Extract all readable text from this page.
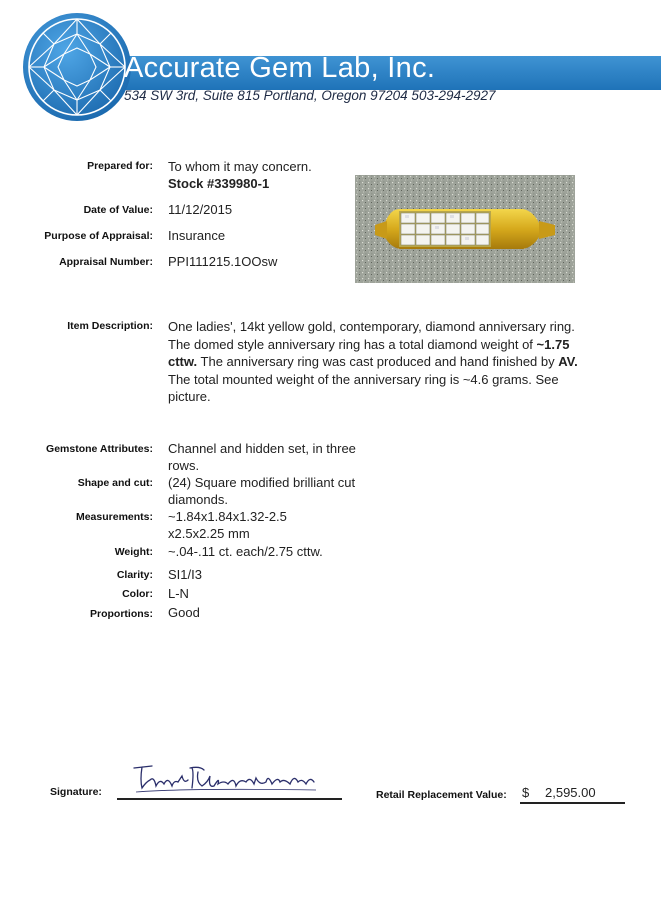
Accurate Gem Lab, Inc.
534 SW 3rd, Suite 815 Portland, Oregon 97204 503-294-2927
Prepared for: To whom it may concern.
Stock #339980-1
Date of Value: 11/12/2015
Purpose of Appraisal: Insurance
Appraisal Number: PPI111215.1OOsw
Item Description: One ladies', 14kt yellow gold, contemporary, diamond anniversary ring. The domed style anniversary ring has a total diamond weight of ~1.75 cttw. The anniversary ring was cast produced and hand finished by AV. The total mounted weight of the anniversary ring is ~4.6 grams. See picture.
Gemstone Attributes: Channel and hidden set, in three rows.
Shape and cut: (24) Square modified brilliant cut diamonds.
Measurements: ~1.84x1.84x1.32-2.5x2.5x2.25 mm
Weight: ~.04-.11 ct. each/2.75 cttw.
Clarity: SI1/I3
Color: L-N
Proportions: Good
Signature:	Retail Replacement Value: $ 2,595.00
